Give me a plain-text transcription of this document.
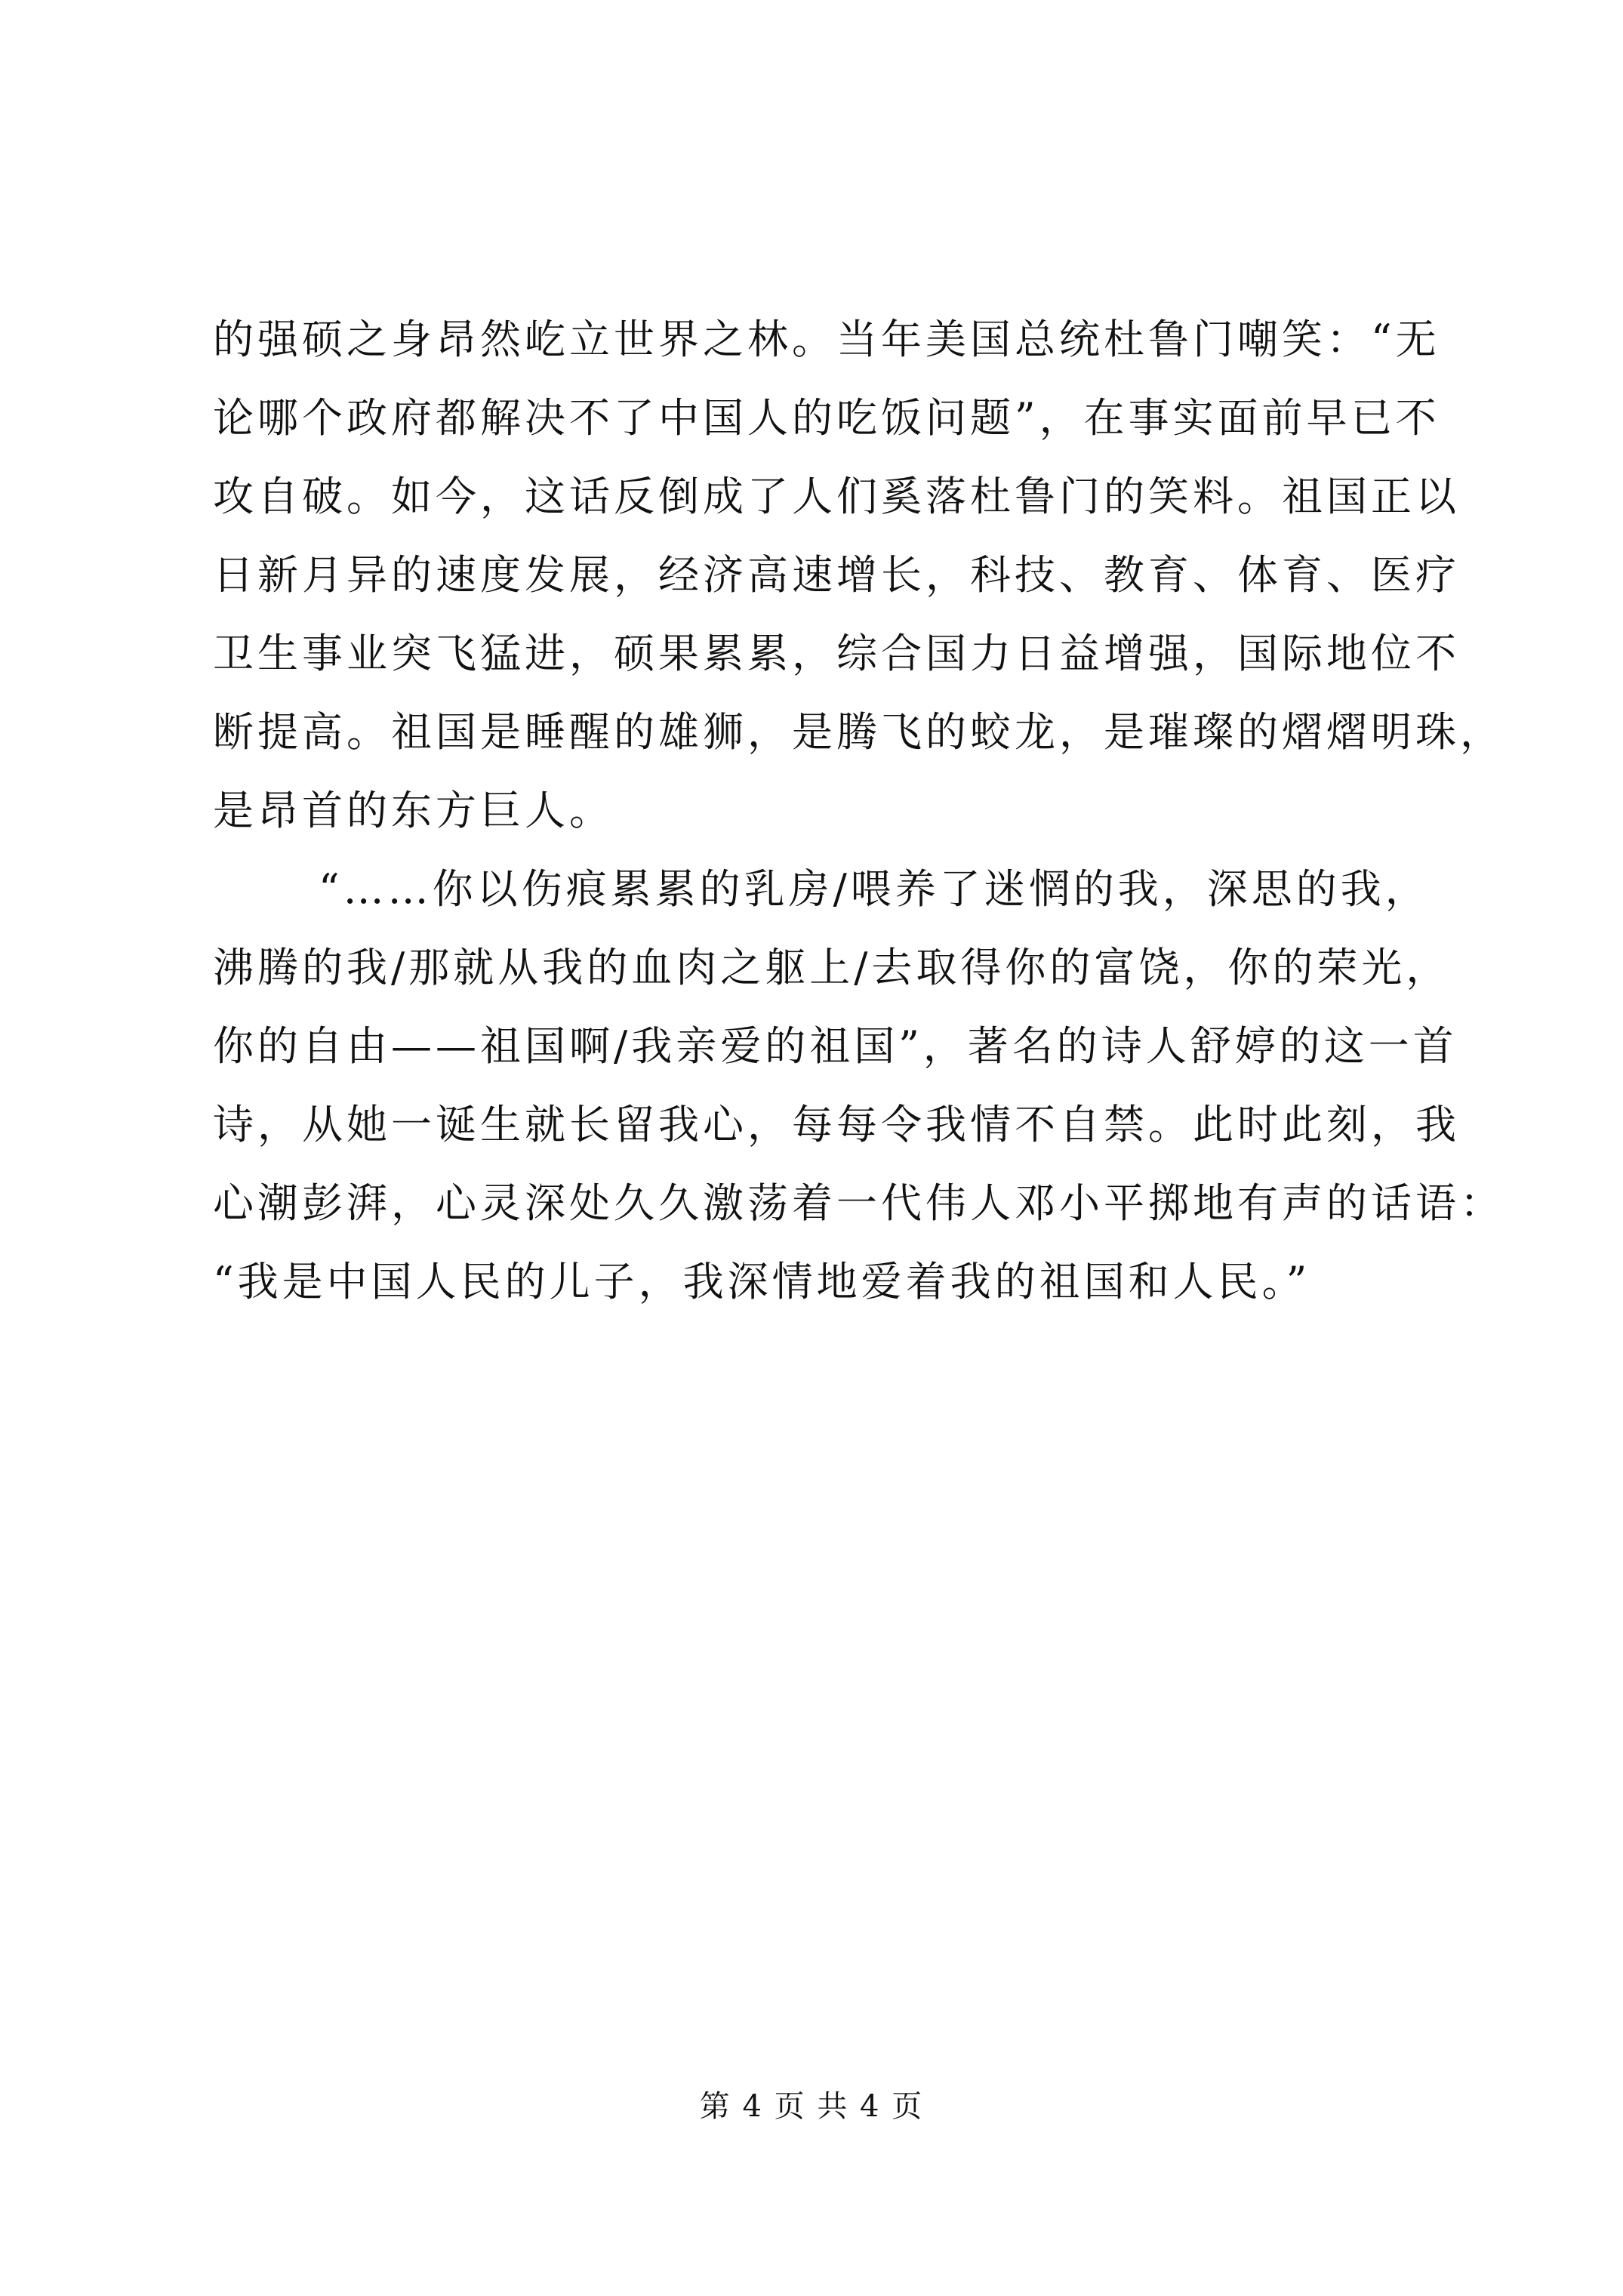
的强硕之身昂然屹立世界之林。当年美国总统杜鲁门嘲笑：“无
论哪个政府都解决不了中国人的吃饭问题”，在事实面前早已不
攻自破。如今，这话反倒成了人们奚落杜鲁门的笑料。祖国正以
日新月异的速度发展，经济高速增长，科技、教育、体育、医疗
卫生事业突飞猛进，硕果累累，综合国力日益增强，国际地位不
断提高。祖国是睡醒的雄狮，是腾飞的蛟龙，是璀璨的熠熠明珠，
是昂首的东方巨人。
“……你以伤痕累累的乳房/喂养了迷惘的我，深思的我，
沸腾的我/那就从我的血肉之躯上/去取得你的富饶，你的荣光，
你的自由——祖国啊/我亲爱的祖国”，著名的诗人舒婷的这一首
诗，从她一诞生就长留我心，每每令我情不自禁。此时此刻，我
心潮彭湃，心灵深处久久激荡着一代伟人邓小平掷地有声的话语：
“我是中国人民的儿子，我深情地爱着我的祖国和人民。”
第 4 页 共 4 页
